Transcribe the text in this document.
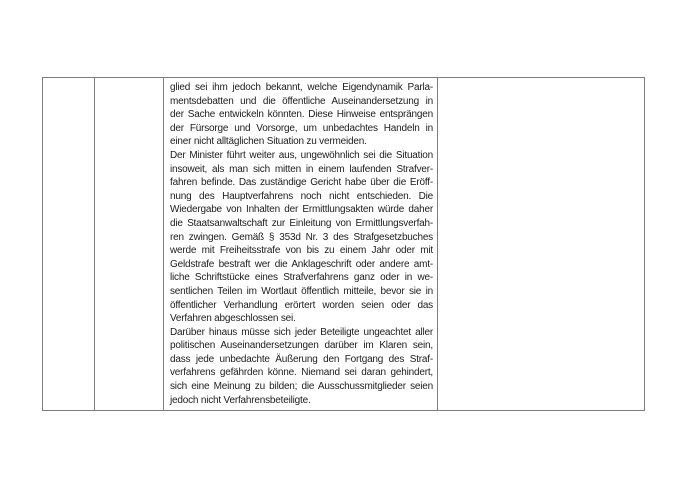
glied sei ihm jedoch bekannt, welche Eigendynamik Parla-
mentsdebatten und die öffentliche Auseinandersetzung in
der Sache entwickeln könnten. Diese Hinweise entsprängen
der Fürsorge und Vorsorge, um unbedachtes Handeln in
einer nicht alltäglichen Situation zu vermeiden.
Der Minister führt weiter aus, ungewöhnlich sei die Situation
insoweit, als man sich mitten in einem laufenden Strafver-
fahren befinde. Das zuständige Gericht habe über die Eröff-
nung des Hauptverfahrens noch nicht entschieden. Die
Wiedergabe von Inhalten der Ermittlungsakten würde daher
die Staatsanwaltschaft zur Einleitung von Ermittlungsverfah-
ren zwingen. Gemäß § 353d Nr. 3 des Strafgesetzbuches
werde mit Freiheitsstrafe von bis zu einem Jahr oder mit
Geldstrafe bestraft wer die Anklageschrift oder andere amt-
liche Schriftstücke eines Strafverfahrens ganz oder in we-
sentlichen Teilen im Wortlaut öffentlich mitteile, bevor sie in
öffentlicher Verhandlung erörtert worden seien oder das
Verfahren abgeschlossen sei.
Darüber hinaus müsse sich jeder Beteiligte ungeachtet aller
politischen Auseinandersetzungen darüber im Klaren sein,
dass jede unbedachte Äußerung den Fortgang des Straf-
verfahrens gefährden könne. Niemand sei daran gehindert,
sich eine Meinung zu bilden; die Ausschussmitglieder seien
jedoch nicht Verfahrensbeteiligte.
